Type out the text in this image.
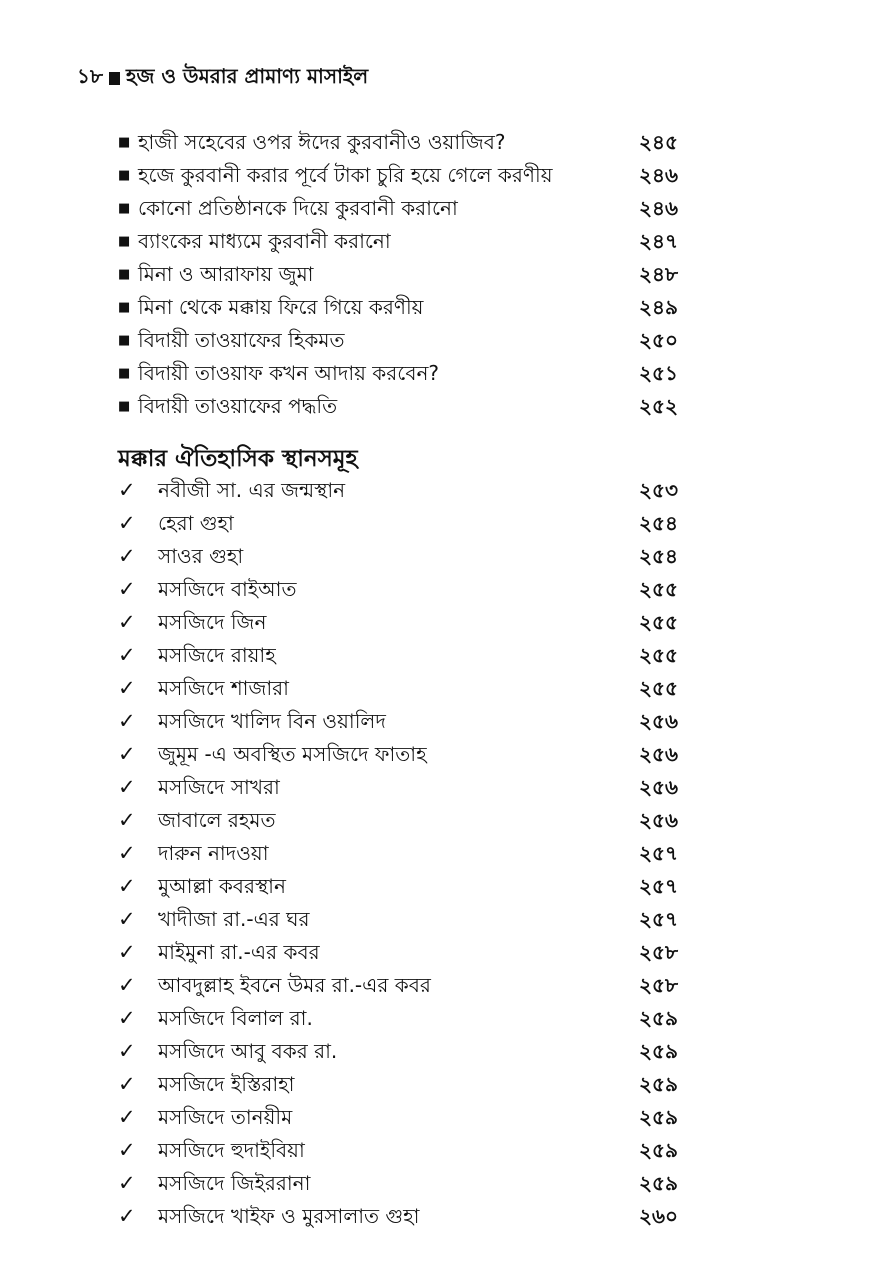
১৮ হজ ও উমরার প্রামাণ্য মাসাইল
■ হাজী সহেবের ওপর ঈদের কুরবানীও ওয়াজিব?	২৪৫
■ হজে কুরবানী করার পূর্বে টাকা চুরি হয়ে গেলে করণীয়	২৪৬
■ কোনো প্রতিষ্ঠানকে দিয়ে কুরবানী করানো	২৪৬
■ ব্যাংকের মাধ্যমে কুরবানী করানো	২৪৭
■ মিনা ও আরাফায় জুমা	২৪৮
■ মিনা থেকে মক্কায় ফিরে গিয়ে করণীয়	২৪৯
■ বিদায়ী তাওয়াফের হিকমত	২৫০
■ বিদায়ী তাওয়াফ কখন আদায় করবেন?	২৫১
■ বিদায়ী তাওয়াফের পদ্ধতি	২৫২
মক্কার ঐতিহাসিক স্থানসমূহ
✓ নবীজী সা. এর জন্মস্থান	২৫৩
✓ হেরা গুহা	২৫৪
✓ সাওর গুহা	২৫৪
✓ মসজিদে বাইআত	২৫৫
✓ মসজিদে জিন	২৫৫
✓ মসজিদে রায়াহ	২৫৫
✓ মসজিদে শাজারা	২৫৫
✓ মসজিদে খালিদ বিন ওয়ালিদ	২৫৬
✓ জুমূম -এ অবস্থিত মসজিদে ফাতাহ	২৫৬
✓ মসজিদে সাখরা	২৫৬
✓ জাবালে রহমত	২৫৬
✓ দারুন নাদওয়া	২৫৭
✓ মুআল্লা কবরস্থান	২৫৭
✓ খাদীজা রা.-এর ঘর	২৫৭
✓ মাইমুনা রা.-এর কবর	২৫৮
✓ আবদুল্লাহ ইবনে উমর রা.-এর কবর	২৫৮
✓ মসজিদে বিলাল রা.	২৫৯
✓ মসজিদে আবু বকর রা.	২৫৯
✓ মসজিদে ইস্তিরাহা	২৫৯
✓ মসজিদে তানয়ীম	২৫৯
✓ মসজিদে হুদাইবিয়া	২৫৯
✓ মসজিদে জিইররানা	২৫৯
✓ মসজিদে খাইফ ও মুরসালাত গুহা	২৬০
